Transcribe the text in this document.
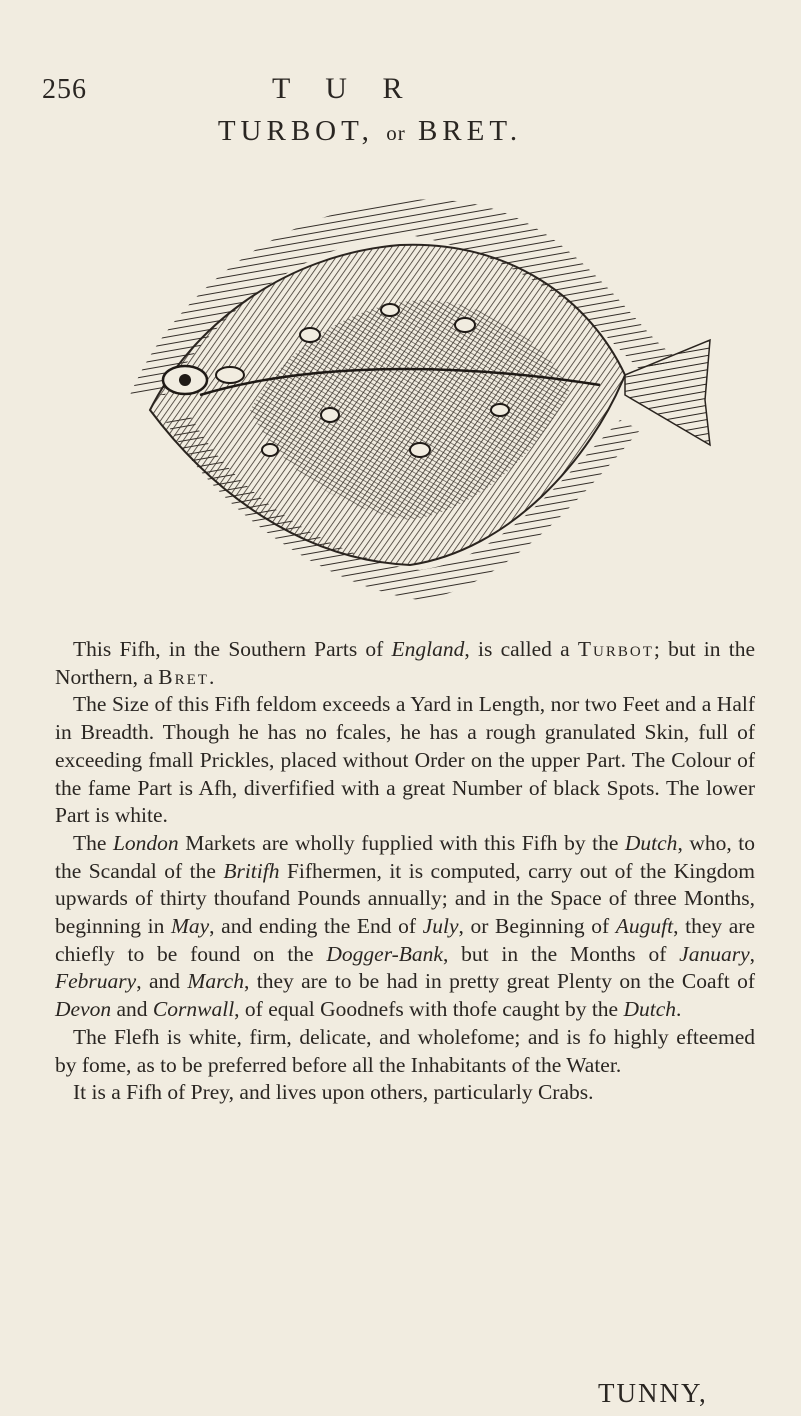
256	T U R
TURBOT, or BRET.

This Fifh, in the Southern Parts of England, is called a Turbot; but in the Northern, a Bret.

The Size of this Fifh feldom exceeds a Yard in Length, nor two Feet and a Half in Breadth. Though he has no fcales, he has a rough granulated Skin, full of exceeding fmall Prickles, placed without Order on the upper Part. The Colour of the fame Part is Afh, diverfified with a great Number of black Spots. The lower Part is white.

The London Markets are wholly fupplied with this Fifh by the Dutch, who, to the Scandal of the Britifh Fifhermen, it is computed, carry out of the Kingdom upwards of thirty thoufand Pounds annually; and in the Space of three Months, beginning in May, and ending the End of July, or Beginning of Auguft, they are chiefly to be found on the Dogger-Bank, but in the Months of January, February, and March, they are to be had in pretty great Plenty on the Coaft of Devon and Cornwall, of equal Goodnefs with thofe caught by the Dutch.

The Flefh is white, firm, delicate, and wholefome; and is fo highly efteemed by fome, as to be preferred before all the Inhabitants of the Water.

It is a Fifh of Prey, and lives upon others, particularly Crabs.

TUNNY,
